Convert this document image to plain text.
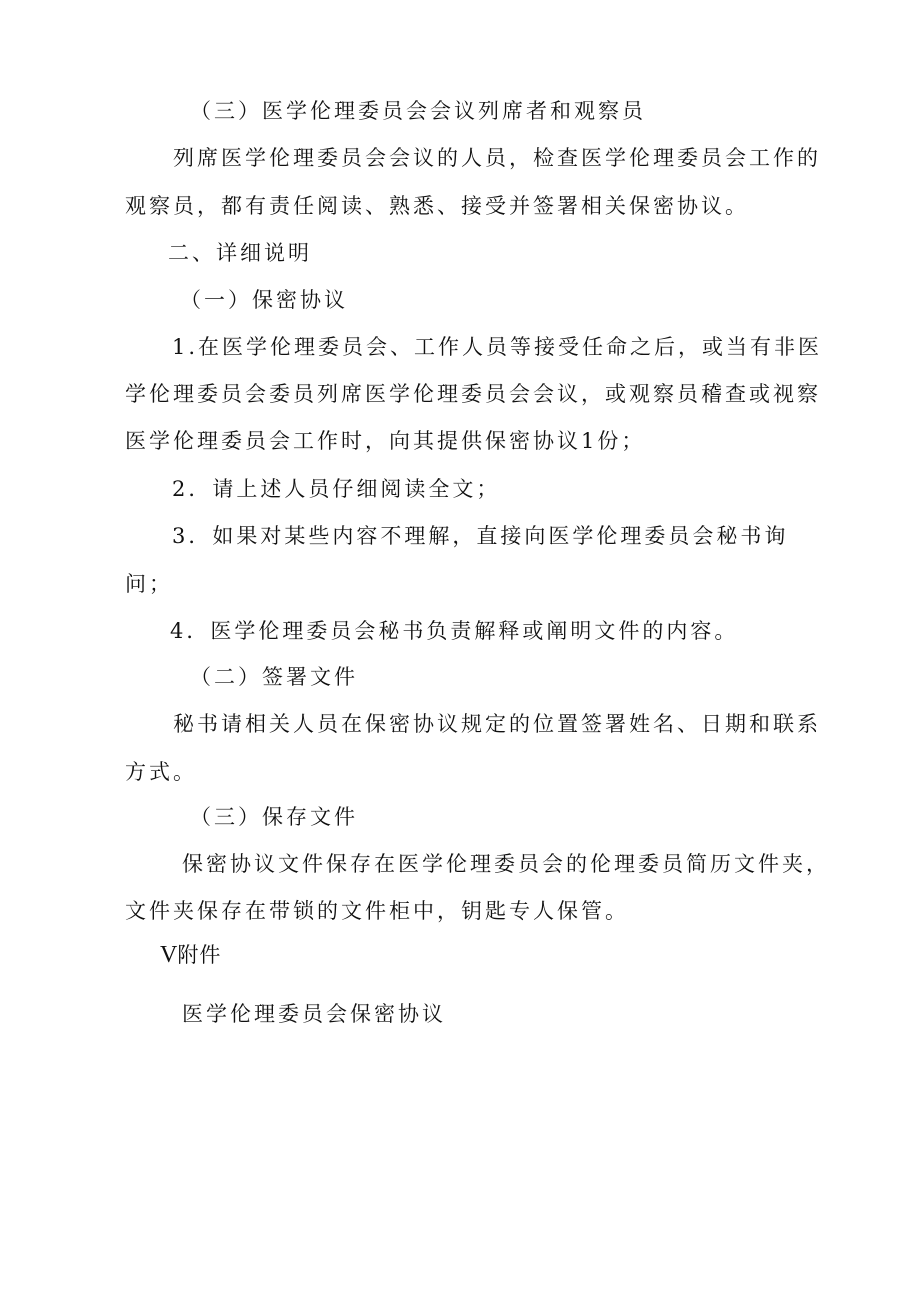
（三）医学伦理委员会会议列席者和观察员
列席医学伦理委员会会议的人员，检查医学伦理委员会工作的
观察员，都有责任阅读、熟悉、接受并签署相关保密协议。
二、详细说明
（一）保密协议
1.在医学伦理委员会、工作人员等接受任命之后，或当有非医
学伦理委员会委员列席医学伦理委员会会议，或观察员稽查或视察
医学伦理委员会工作时，向其提供保密协议1份；
2．请上述人员仔细阅读全文；
3．如果对某些内容不理解，直接向医学伦理委员会秘书询
问；
4．医学伦理委员会秘书负责解释或阐明文件的内容。
（二）签署文件
秘书请相关人员在保密协议规定的位置签署姓名、日期和联系
方式。
（三）保存文件
保密协议文件保存在医学伦理委员会的伦理委员简历文件夹，
文件夹保存在带锁的文件柜中，钥匙专人保管。
V附件
医学伦理委员会保密协议
